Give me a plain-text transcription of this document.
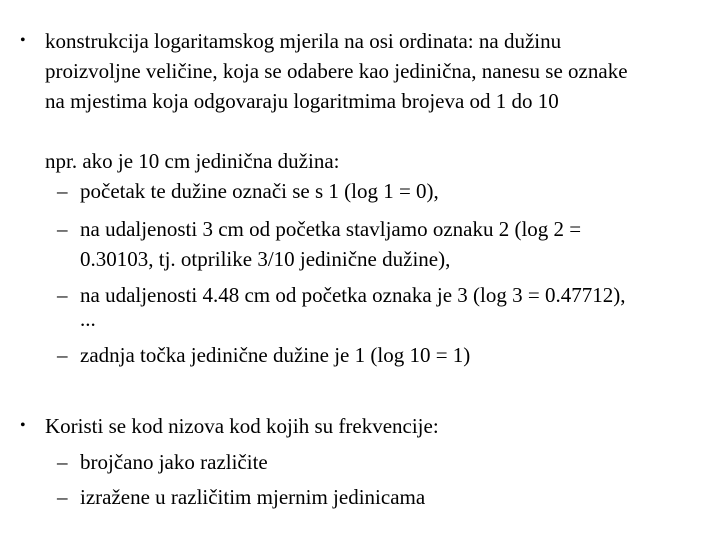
• konstrukcija logaritamskog mjerila na osi ordinata: na dužinu
proizvoljne veličine, koja se odabere kao jedinična, nanesu se oznake
na mjestima koja odgovaraju logaritmima brojeva od 1 do 10
npr. ako je 10 cm jedinična dužina:
– početak te dužine označi se s 1 (log 1 = 0),
– na udaljenosti 3 cm od početka stavljamo oznaku 2 (log 2 =
0.30103, tj. otprilike 3/10 jedinične dužine),
– na udaljenosti 4.48 cm od početka oznaka je 3 (log 3 = 0.47712),
...
– zadnja točka jedinične dužine je 1 (log 10 = 1)
• Koristi se kod nizova kod kojih su frekvencije:
– brojčano jako različite
– izražene u različitim mjernim jedinicama
